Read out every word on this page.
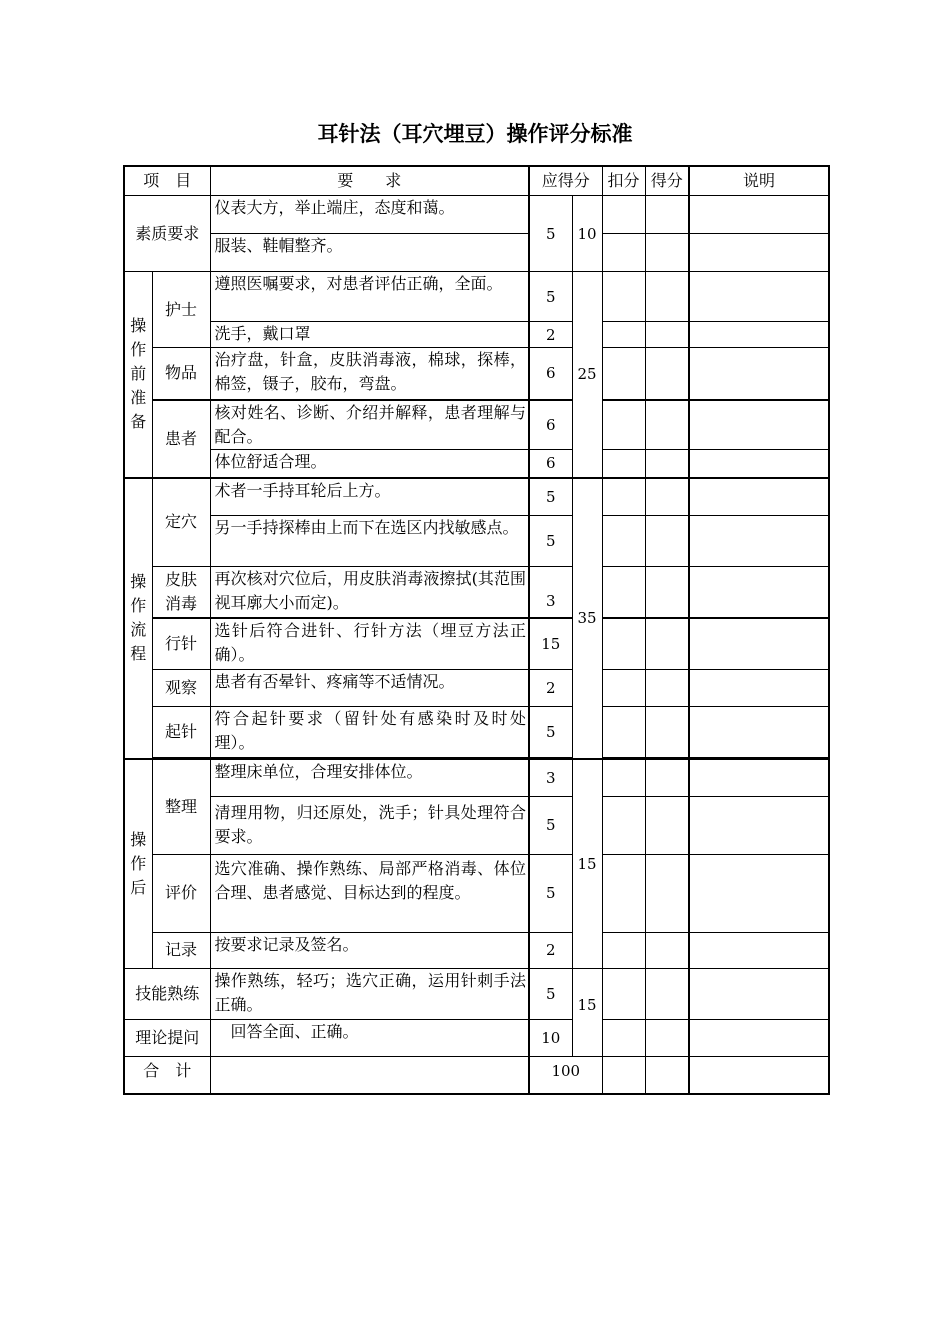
耳针法（耳穴埋豆）操作评分标准
项　目		要　　求	应得分		扣分	得分	说明
素质要求		仪表大方，举止端庄，态度和蔼。	5	10			
		服装、鞋帽整齐。					
操作前准备	护士	遵照医嘱要求，对患者评估正确，全面。	5	25			
		洗手，戴口罩	2				
	物品	治疗盘，针盒，皮肤消毒液，棉球，探棒，棉签，镊子，胶布，弯盘。	6				
	患者	核对姓名、诊断、介绍并解释，患者理解与配合。	6				
		体位舒适合理。	6				
操作流程	定穴	术者一手持耳轮后上方。	5	35			
		另一手持探棒由上而下在选区内找敏感点。	5				
	皮肤消毒	再次核对穴位后，用皮肤消毒液擦拭(其范围视耳廓大小而定)。	3				
	行针	选针后符合进针、行针方法（埋豆方法正确）。	15				
	观察	患者有否晕针、疼痛等不适情况。	2				
	起针	符合起针要求（留针处有感染时及时处理）。	5				

操作后	整理	整理床单位，合理安排体位。	3	15			
		清理用物，归还原处，洗手；针具处理符合要求。	5				
	评价	选穴准确、操作熟练、局部严格消毒、体位合理、患者感觉、目标达到的程度。	5				
	记录	按要求记录及签名。	2				
技能熟练		操作熟练，轻巧；选穴正确，运用针刺手法正确。	5	15			
理论提问		回答全面、正确。	10				
合　计			100				
